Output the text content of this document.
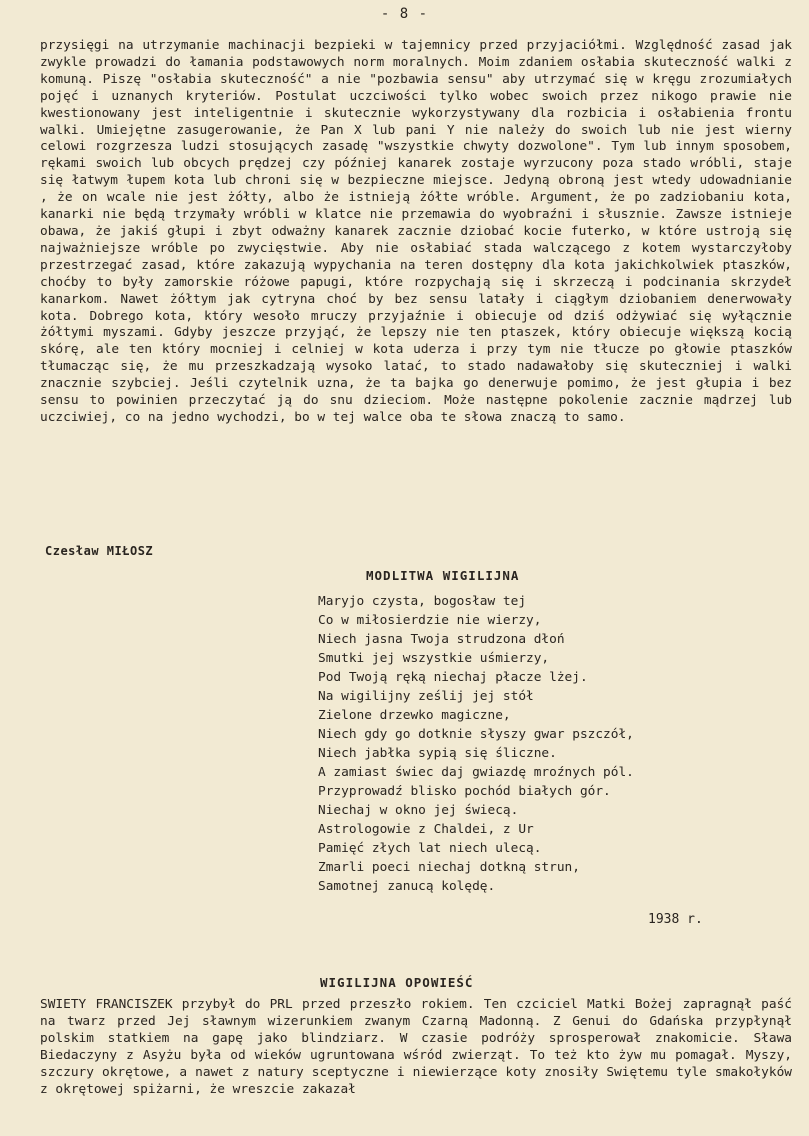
- 8 -

przysięgi na utrzymanie machinacji bezpieki w tajemnicy przed przyjaciółmi. Względność zasad jak zwykle prowadzi do łamania podstawowych norm moralnych. Moim zdaniem osłabia skuteczność walki z komuną. Piszę "osłabia skuteczność" a nie "pozbawia sensu" aby utrzymać się w kręgu zrozumiałych pojęć i uznanych kryteriów. Postulat uczciwości tylko wobec swoich przez nikogo prawie nie kwestionowany jest inteligentnie i skutecznie wykorzystywany dla rozbicia i osłabienia frontu walki. Umiejętne zasugerowanie, że Pan X lub pani Y nie należy do swoich lub nie jest wierny celowi rozgrzesza ludzi stosujących zasadę "wszystkie chwyty dozwolone". Tym lub innym sposobem, rękami swoich lub obcych prędzej czy później kanarek zostaje wyrzucony poza stado wróbli, staje się łatwym łupem kota lub chroni się w bezpieczne miejsce. Jedyną obroną jest wtedy udowadnianie , że on wcale nie jest żółty, albo że istnieją żółte wróble. Argument, że po zadziobaniu kota, kanarki nie będą trzymały wróbli w klatce nie przemawia do wyobraźni i słusznie. Zawsze istnieje obawa, że jakiś głupi i zbyt odważny kanarek zacznie dziobać kocie futerko, w które ustroją się najważniejsze wróble po zwycięstwie. Aby nie osłabiać stada walczącego z kotem wystarczyłoby przestrzegać zasad, które zakazują wypychania na teren dostępny dla kota jakichkolwiek ptaszków, choćby to były zamorskie różowe papugi, które rozpychają się i skrzeczą i podcinania skrzydeł kanarkom. Nawet żółtym jak cytryna choć by bez sensu latały i ciągłym dziobaniem denerwowały kota. Dobrego kota, który wesoło mruczy przyjaźnie i obiecuje od dziś odżywiać się wyłącznie żółtymi myszami. Gdyby jeszcze przyjąć, że lepszy nie ten ptaszek, który obiecuje większą kocią skórę, ale ten który mocniej i celniej w kota uderza i przy tym nie tłucze po głowie ptaszków tłumacząc się, że mu przeszkadzają wysoko latać, to stado nadawałoby się skuteczniej i walki znacznie szybciej. Jeśli czytelnik uzna, że ta bajka go denerwuje pomimo, że jest głupia i bez sensu to powinien przeczytać ją do snu dzieciom. Może następne pokolenie zacznie mądrzej lub uczciwiej, co na jedno wychodzi, bo w tej walce oba te słowa znaczą to samo.

Czesław MIŁOSZ
MODLITWA WIGILIJNA
Maryjo czysta, bogosław tej
Co w miłosierdzie nie wierzy,
Niech jasna Twoja strudzona dłoń
Smutki jej wszystkie uśmierzy,
Pod Twoją ręką niechaj płacze lżej.
Na wigilijny ześlij jej stół
Zielone drzewko magiczne,
Niech gdy go dotknie słyszy gwar pszczół,
Niech jabłka sypią się śliczne.
A zamiast świec daj gwiazdę mroźnych pól.
Przyprowadź blisko pochód białych gór.
Niechaj w okno jej świecą.
Astrologowie z Chaldei, z Ur
Pamięć złych lat niech ulecą.
Zmarli poeci niechaj dotkną strun,
Samotnej zanucą kolędę.
1938 r.
WIGILIJNA OPOWIEŚĆ

SWIETY FRANCISZEK przybył do PRL przed przeszło rokiem. Ten czciciel Matki Bożej zapragnął paść na twarz przed Jej sławnym wizerunkiem zwanym Czarną Madonną. Z Genui do Gdańska przypłynął polskim statkiem na gapę jako blindziarz. W czasie podróży sprosperował znakomicie. Sława Biedaczyny z Asyżu była od wieków ugruntowana wśród zwierząt. To też kto żyw mu pomagał. Myszy, szczury okrętowe, a nawet z natury sceptyczne i niewierzące koty znosiły Swiętemu tyle smakołyków z okrętowej spiżarni, że wreszcie zakazał
